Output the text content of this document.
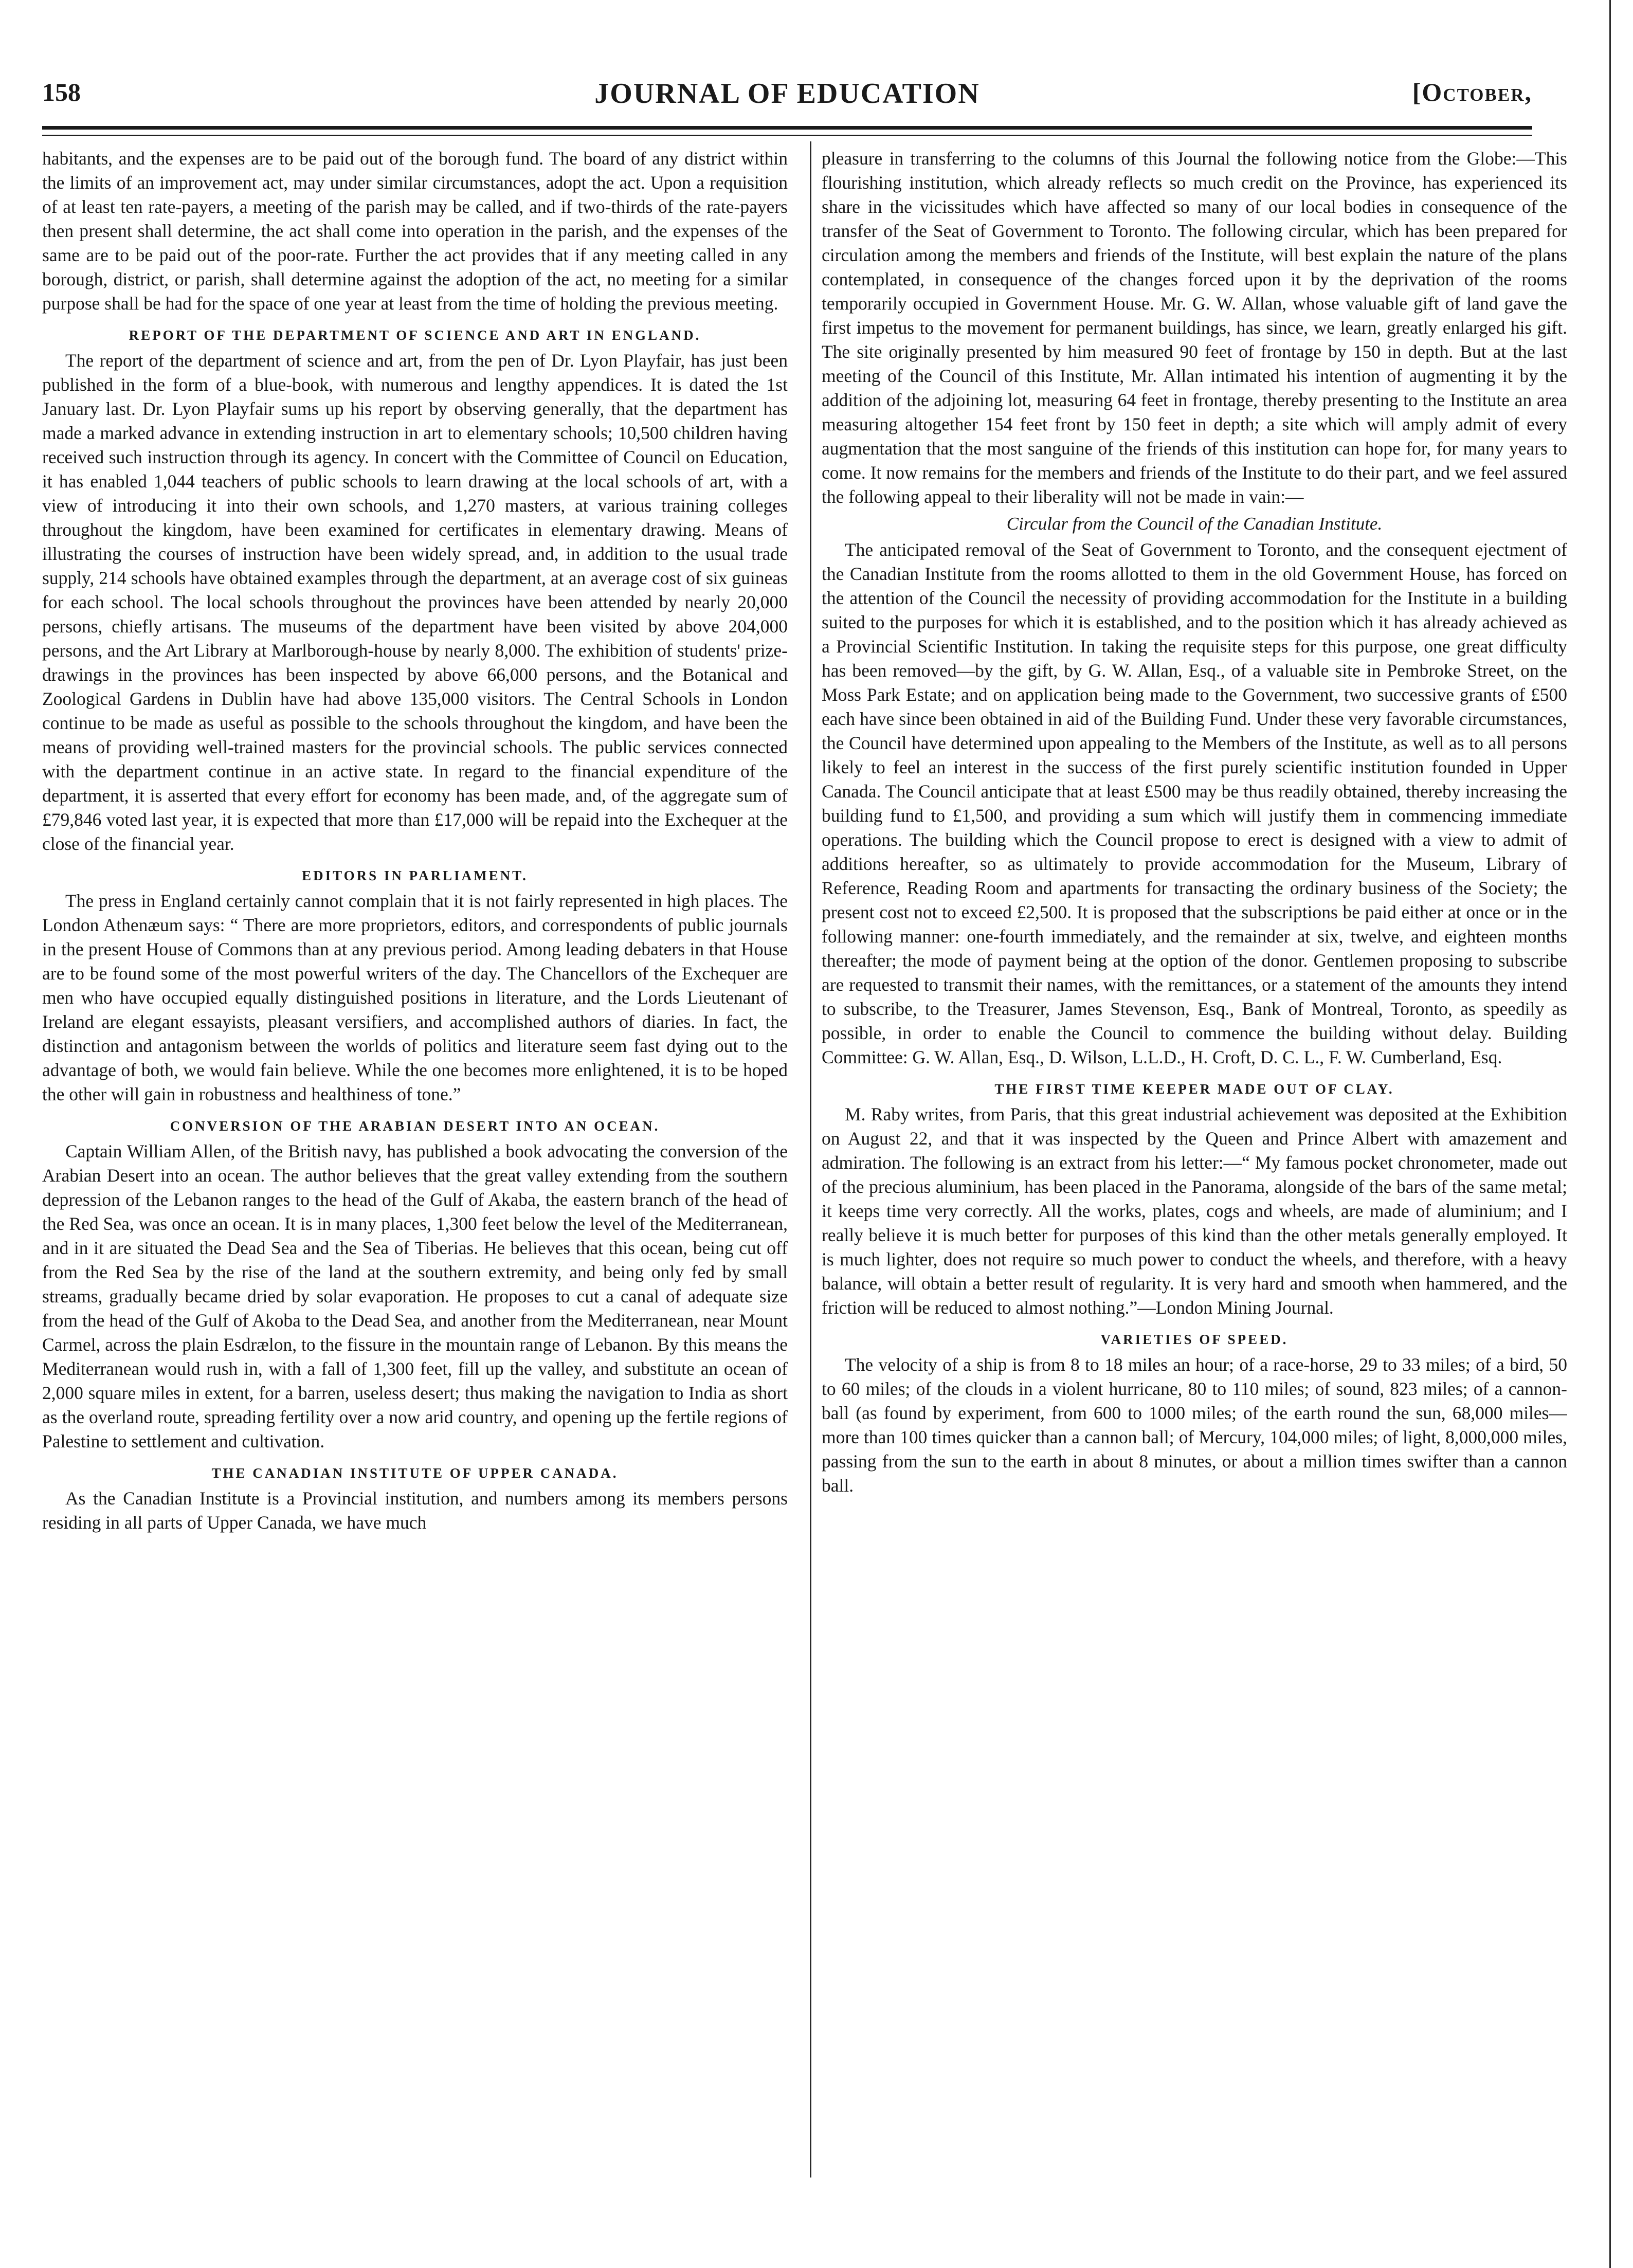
158	JOURNAL OF EDUCATION	[October,

habitants, and the expenses are to be paid out of the borough fund. The board of any district within the limits of an improvement act, may under similar circumstances, adopt the act. Upon a requisition of at least ten rate-payers, a meeting of the parish may be called, and if two-thirds of the rate-payers then present shall determine, the act shall come into operation in the parish, and the expenses of the same are to be paid out of the poor-rate. Further the act provides that if any meeting called in any borough, district, or parish, shall determine against the adoption of the act, no meeting for a similar purpose shall be had for the space of one year at least from the time of holding the previous meeting.

REPORT OF THE DEPARTMENT OF SCIENCE AND ART IN ENGLAND.

The report of the department of science and art, from the pen of Dr. Lyon Playfair, has just been published in the form of a blue-book, with numerous and lengthy appendices. It is dated the 1st January last. Dr. Lyon Playfair sums up his report by observing generally, that the department has made a marked advance in extending instruction in art to elementary schools; 10,500 children having received such instruction through its agency. In concert with the Committee of Council on Education, it has enabled 1,044 teachers of public schools to learn drawing at the local schools of art, with a view of introducing it into their own schools, and 1,270 masters, at various training colleges throughout the kingdom, have been examined for certificates in elementary drawing. Means of illustrating the courses of instruction have been widely spread, and, in addition to the usual trade supply, 214 schools have obtained examples through the department, at an average cost of six guineas for each school. The local schools throughout the provinces have been attended by nearly 20,000 persons, chiefly artisans. The museums of the department have been visited by above 204,000 persons, and the Art Library at Marlborough-house by nearly 8,000. The exhibition of students' prize-drawings in the provinces has been inspected by above 66,000 persons, and the Botanical and Zoological Gardens in Dublin have had above 135,000 visitors. The Central Schools in London continue to be made as useful as possible to the schools throughout the kingdom, and have been the means of providing well-trained masters for the provincial schools. The public services connected with the department continue in an active state. In regard to the financial expenditure of the department, it is asserted that every effort for economy has been made, and, of the aggregate sum of £79,846 voted last year, it is expected that more than £17,000 will be repaid into the Exchequer at the close of the financial year.

EDITORS IN PARLIAMENT.

The press in England certainly cannot complain that it is not fairly represented in high places. The London Athenæum says: “ There are more proprietors, editors, and correspondents of public journals in the present House of Commons than at any previous period. Among leading debaters in that House are to be found some of the most powerful writers of the day. The Chancellors of the Exchequer are men who have occupied equally distinguished positions in literature, and the Lords Lieutenant of Ireland are elegant essayists, pleasant versifiers, and accomplished authors of diaries. In fact, the distinction and antagonism between the worlds of politics and literature seem fast dying out to the advantage of both, we would fain believe. While the one becomes more enlightened, it is to be hoped the other will gain in robustness and healthiness of tone.”

CONVERSION OF THE ARABIAN DESERT INTO AN OCEAN.

Captain William Allen, of the British navy, has published a book advocating the conversion of the Arabian Desert into an ocean. The author believes that the great valley extending from the southern depression of the Lebanon ranges to the head of the Gulf of Akaba, the eastern branch of the head of the Red Sea, was once an ocean. It is in many places, 1,300 feet below the level of the Mediterranean, and in it are situated the Dead Sea and the Sea of Tiberias. He believes that this ocean, being cut off from the Red Sea by the rise of the land at the southern extremity, and being only fed by small streams, gradually became dried by solar evaporation. He proposes to cut a canal of adequate size from the head of the Gulf of Akoba to the Dead Sea, and another from the Mediterranean, near Mount Carmel, across the plain Esdrælon, to the fissure in the mountain range of Lebanon. By this means the Mediterranean would rush in, with a fall of 1,300 feet, fill up the valley, and substitute an ocean of 2,000 square miles in extent, for a barren, useless desert; thus making the navigation to India as short as the overland route, spreading fertility over a now arid country, and opening up the fertile regions of Palestine to settlement and cultivation.

THE CANADIAN INSTITUTE OF UPPER CANADA.

As the Canadian Institute is a Provincial institution, and numbers among its members persons residing in all parts of Upper Canada, we have much

pleasure in transferring to the columns of this Journal the following notice from the Globe:—This flourishing institution, which already reflects so much credit on the Province, has experienced its share in the vicissitudes which have affected so many of our local bodies in consequence of the transfer of the Seat of Government to Toronto. The following circular, which has been prepared for circulation among the members and friends of the Institute, will best explain the nature of the plans contemplated, in consequence of the changes forced upon it by the deprivation of the rooms temporarily occupied in Government House. Mr. G. W. Allan, whose valuable gift of land gave the first impetus to the movement for permanent buildings, has since, we learn, greatly enlarged his gift. The site originally presented by him measured 90 feet of frontage by 150 in depth. But at the last meeting of the Council of this Institute, Mr. Allan intimated his intention of augmenting it by the addition of the adjoining lot, measuring 64 feet in frontage, thereby presenting to the Institute an area measuring altogether 154 feet front by 150 feet in depth; a site which will amply admit of every augmentation that the most sanguine of the friends of this institution can hope for, for many years to come. It now remains for the members and friends of the Institute to do their part, and we feel assured the following appeal to their liberality will not be made in vain:—

Circular from the Council of the Canadian Institute.

The anticipated removal of the Seat of Government to Toronto, and the consequent ejectment of the Canadian Institute from the rooms allotted to them in the old Government House, has forced on the attention of the Council the necessity of providing accommodation for the Institute in a building suited to the purposes for which it is established, and to the position which it has already achieved as a Provincial Scientific Institution. In taking the requisite steps for this purpose, one great difficulty has been removed—by the gift, by G. W. Allan, Esq., of a valuable site in Pembroke Street, on the Moss Park Estate; and on application being made to the Government, two successive grants of £500 each have since been obtained in aid of the Building Fund. Under these very favorable circumstances, the Council have determined upon appealing to the Members of the Institute, as well as to all persons likely to feel an interest in the success of the first purely scientific institution founded in Upper Canada. The Council anticipate that at least £500 may be thus readily obtained, thereby increasing the building fund to £1,500, and providing a sum which will justify them in commencing immediate operations. The building which the Council propose to erect is designed with a view to admit of additions hereafter, so as ultimately to provide accommodation for the Museum, Library of Reference, Reading Room and apartments for transacting the ordinary business of the Society; the present cost not to exceed £2,500. It is proposed that the subscriptions be paid either at once or in the following manner: one-fourth immediately, and the remainder at six, twelve, and eighteen months thereafter; the mode of payment being at the option of the donor. Gentlemen proposing to subscribe are requested to transmit their names, with the remittances, or a statement of the amounts they intend to subscribe, to the Treasurer, James Stevenson, Esq., Bank of Montreal, Toronto, as speedily as possible, in order to enable the Council to commence the building without delay. Building Committee: G. W. Allan, Esq., D. Wilson, L.L.D., H. Croft, D. C. L., F. W. Cumberland, Esq.

THE FIRST TIME KEEPER MADE OUT OF CLAY.

M. Raby writes, from Paris, that this great industrial achievement was deposited at the Exhibition on August 22, and that it was inspected by the Queen and Prince Albert with amazement and admiration. The following is an extract from his letter:—“ My famous pocket chronometer, made out of the precious aluminium, has been placed in the Panorama, alongside of the bars of the same metal; it keeps time very correctly. All the works, plates, cogs and wheels, are made of aluminium; and I really believe it is much better for purposes of this kind than the other metals generally employed. It is much lighter, does not require so much power to conduct the wheels, and therefore, with a heavy balance, will obtain a better result of regularity. It is very hard and smooth when hammered, and the friction will be reduced to almost nothing.”—London Mining Journal.

VARIETIES OF SPEED.

The velocity of a ship is from 8 to 18 miles an hour; of a race-horse, 29 to 33 miles; of a bird, 50 to 60 miles; of the clouds in a violent hurricane, 80 to 110 miles; of sound, 823 miles; of a cannon-ball (as found by experiment, from 600 to 1000 miles; of the earth round the sun, 68,000 miles—more than 100 times quicker than a cannon ball; of Mercury, 104,000 miles; of light, 8,000,000 miles, passing from the sun to the earth in about 8 minutes, or about a million times swifter than a cannon ball.
